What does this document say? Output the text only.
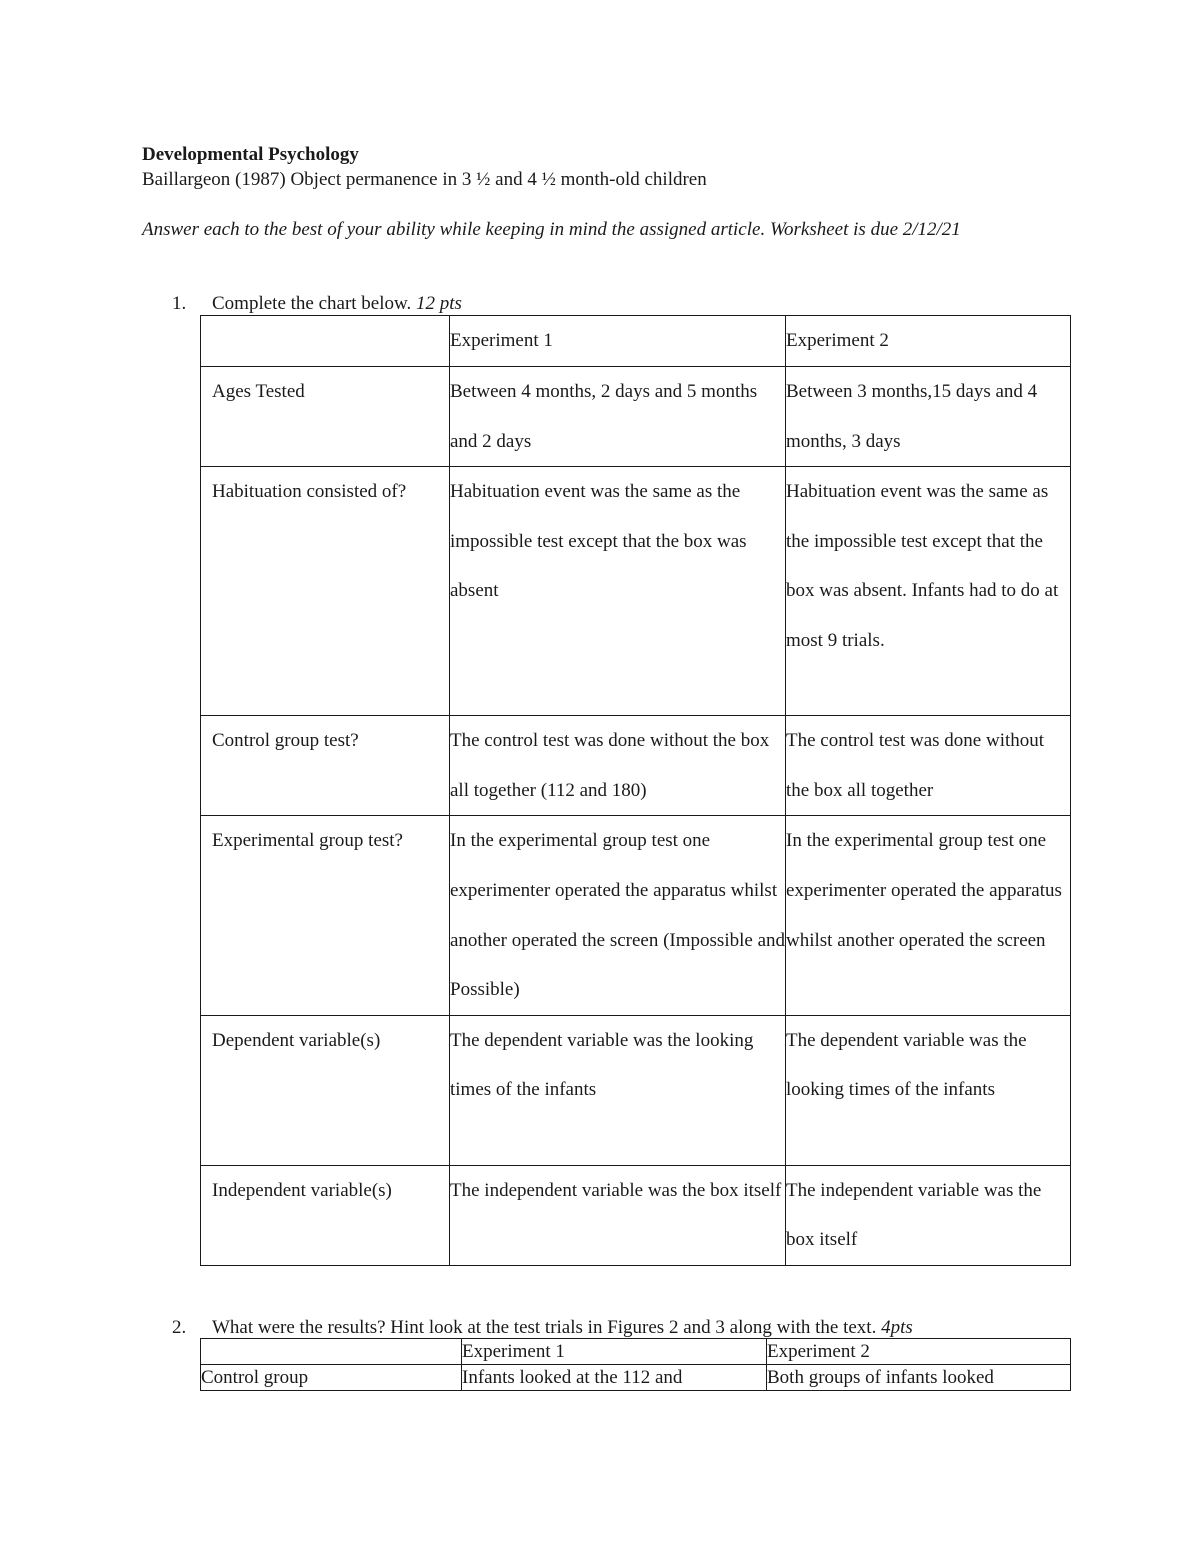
Developmental Psychology
Baillargeon (1987) Object permanence in 3 ½ and 4 ½ month-old children
Answer each to the best of your ability while keeping in mind the assigned article. Worksheet is due 2/12/21
1. Complete the chart below. 12 pts
	Experiment 1	Experiment 2
Ages Tested	Between 4 months, 2 days and 5 months and 2 days	Between 3 months,15 days and 4 months, 3 days
Habituation consisted of?	Habituation event was the same as the impossible test except that the box was absent	Habituation event was the same as the impossible test except that the box was absent. Infants had to do at most 9 trials.
Control group test?	The control test was done without the box all together (112 and 180)	The control test was done without the box all together
Experimental group test?	In the experimental group test one experimenter operated the apparatus whilst another operated the screen (Impossible and Possible)	In the experimental group test one experimenter operated the apparatus whilst another operated the screen
Dependent variable(s)	The dependent variable was the looking times of the infants	The dependent variable was the looking times of the infants
Independent variable(s)	The independent variable was the box itself	The independent variable was the box itself
2. What were the results? Hint look at the test trials in Figures 2 and 3 along with the text. 4pts
	Experiment 1	Experiment 2
Control group	Infants looked at the 112 and	Both groups of infants looked
